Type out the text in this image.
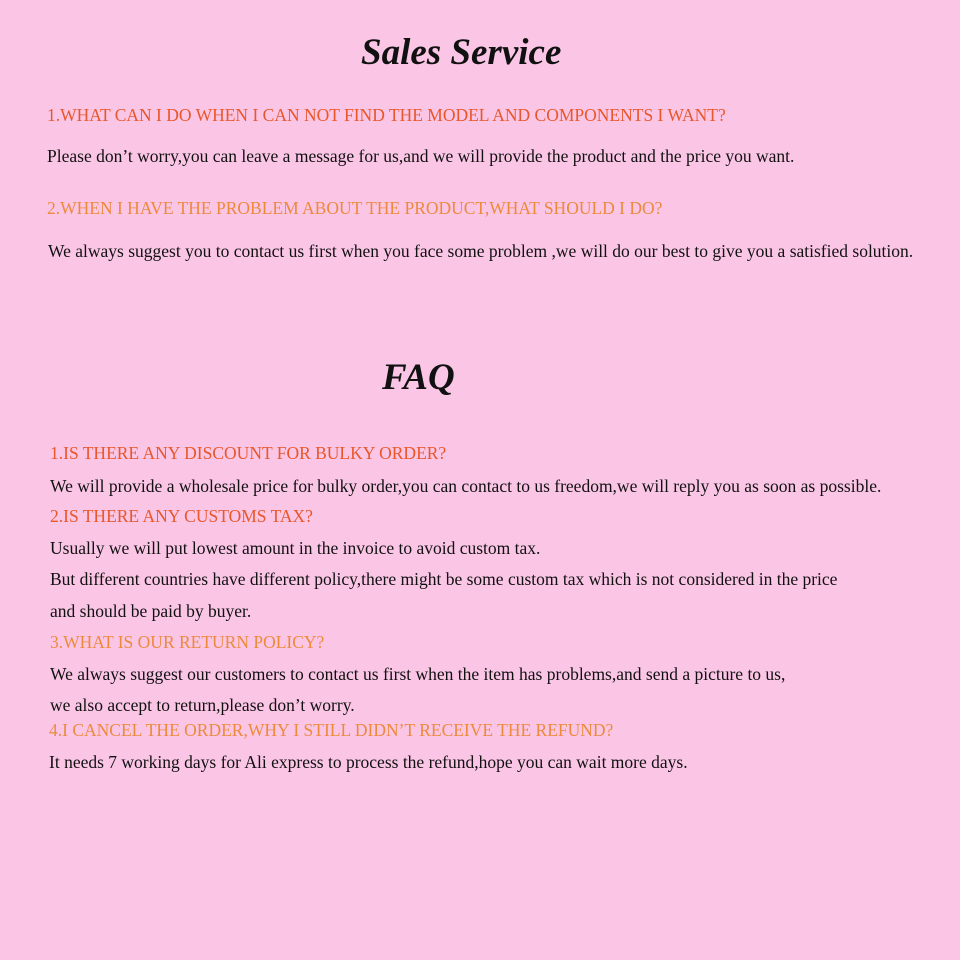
Sales Service

1.WHAT CAN I DO WHEN I CAN NOT FIND THE MODEL AND COMPONENTS I WANT?

Please don’t worry,you can leave a message for us,and we will provide the product and the price you want.

2.WHEN I HAVE THE PROBLEM ABOUT THE PRODUCT,WHAT SHOULD I DO?

We always suggest you to contact us first when you face some problem ,we will do our best to give you a satisfied solution.

FAQ

1.IS THERE ANY DISCOUNT FOR BULKY ORDER?

We will provide a wholesale price for bulky order,you can contact to us freedom,we will reply you as soon as possible.

2.IS THERE ANY CUSTOMS TAX?

Usually we will put lowest amount in the invoice to avoid custom tax.

But different countries have different policy,there might be some custom tax which is not considered in the price

and should be paid by buyer.

3.WHAT IS OUR RETURN POLICY?

We always suggest our customers to contact us first when the item has problems,and send a picture to us,

we also accept to return,please don’t worry.

4.I CANCEL THE ORDER,WHY I STILL DIDN’T RECEIVE THE REFUND?

It needs 7 working days for Ali express to process the refund,hope you can wait more days.
